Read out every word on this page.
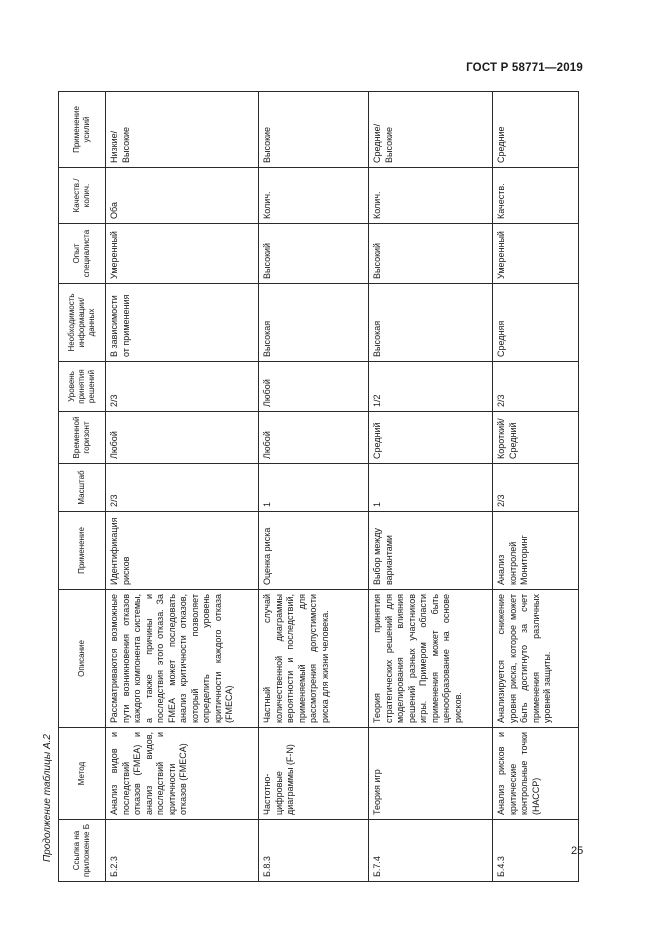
ГОСТ Р 58771—2019
Продолжение таблицы А.2 Ссылка на приложение Б	Метод	Описание	Применение	Масштаб	Временной горизонт	Уровень принятия решений	Необходимость информации/данных	Опыт специалиста	Качеств./колич.	Применение усилий
Б.2.3	Анализ видов и последствий отказов (FMEA) и анализ видов, последствий и критичности отказов (FMECA)	Рассматриваются возможные пути возникновения отказов каждого компонента системы, а также причины и последствия этого отказа. За FMEA может последовать анализ критичности отказов, который позволяет определить уровень критичности каждого отказа (FMECA)	Идентификация рисков	2/3	Любой	2/3	В зависимости от применения	Умеренный	Оба	Низкие/Высокие
Б.8.3	Частотно-цифровые диаграммы (F-N)	Частный случай количественной диаграммы вероятности и последствий, применяемый для рассмотрения допустимости риска для жизни человека.	Оценка риска	1	Любой	Любой	Высокая	Высокий	Колич.	Высокие
Б.7.4	Теория игр	Теория принятия стратегических решений для моделирования влияния решений разных участников игры. Примером области применения может быть ценообразование на основе рисков.	Выбор между вариантами	1	Средний	1/2	Высокая	Высокий	Колич.	Средние/Высокие
Б.4.3	Анализ рисков и критические контрольные точки (НАССР)	Анализируется снижение уровня риска, которое может быть достигнуто за счет применения различных уровней защиты.	Анализ контролей Мониторинг	2/3	Короткий/Средний	2/3	Средняя	Умеренный	Качеств.	Средние
25
